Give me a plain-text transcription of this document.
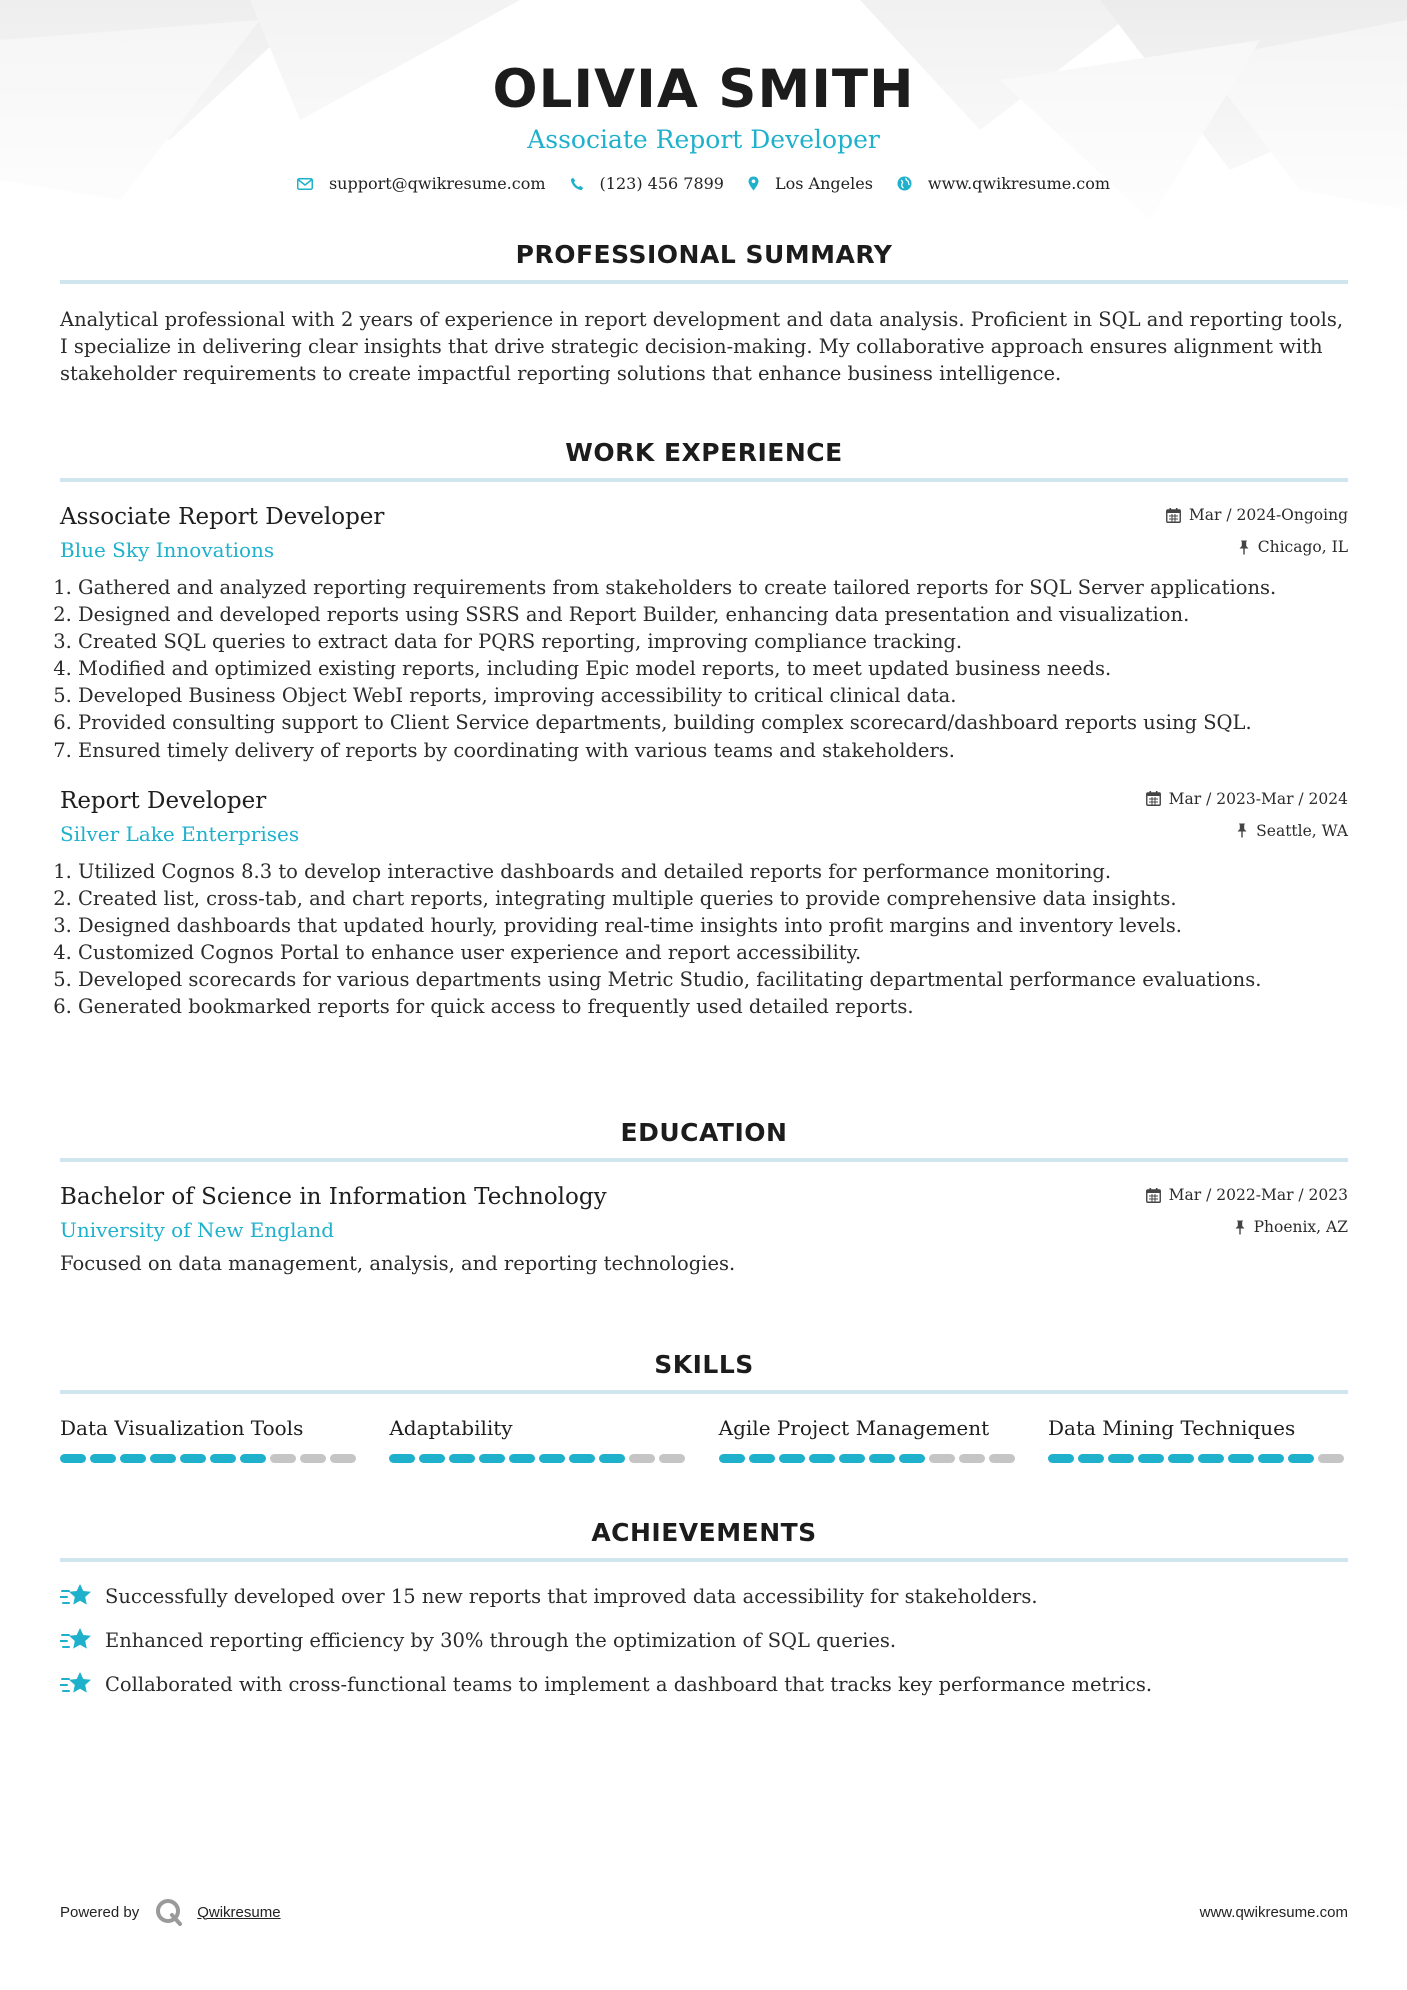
OLIVIA SMITH
Associate Report Developer
support@qwikresume.com	(123) 456 7899	Los Angeles	www.qwikresume.com
PROFESSIONAL SUMMARY
Analytical professional with 2 years of experience in report development and data analysis. Proficient in SQL and reporting tools, I specialize in delivering clear insights that drive strategic decision-making. My collaborative approach ensures alignment with stakeholder requirements to create impactful reporting solutions that enhance business intelligence.
WORK EXPERIENCE
Associate Report Developer
Blue Sky Innovations
Mar / 2024-Ongoing
Chicago, IL
1. Gathered and analyzed reporting requirements from stakeholders to create tailored reports for SQL Server applications.
2. Designed and developed reports using SSRS and Report Builder, enhancing data presentation and visualization.
3. Created SQL queries to extract data for PQRS reporting, improving compliance tracking.
4. Modified and optimized existing reports, including Epic model reports, to meet updated business needs.
5. Developed Business Object WebI reports, improving accessibility to critical clinical data.
6. Provided consulting support to Client Service departments, building complex scorecard/dashboard reports using SQL.
7. Ensured timely delivery of reports by coordinating with various teams and stakeholders.
Report Developer
Silver Lake Enterprises
Mar / 2023-Mar / 2024
Seattle, WA
1. Utilized Cognos 8.3 to develop interactive dashboards and detailed reports for performance monitoring.
2. Created list, cross-tab, and chart reports, integrating multiple queries to provide comprehensive data insights.
3. Designed dashboards that updated hourly, providing real-time insights into profit margins and inventory levels.
4. Customized Cognos Portal to enhance user experience and report accessibility.
5. Developed scorecards for various departments using Metric Studio, facilitating departmental performance evaluations.
6. Generated bookmarked reports for quick access to frequently used detailed reports.
EDUCATION
Bachelor of Science in Information Technology
University of New England
Mar / 2022-Mar / 2023
Phoenix, AZ
Focused on data management, analysis, and reporting technologies.
SKILLS
Data Visualization Tools	Adaptability	Agile Project Management	Data Mining Techniques
ACHIEVEMENTS
Successfully developed over 15 new reports that improved data accessibility for stakeholders.
Enhanced reporting efficiency by 30% through the optimization of SQL queries.
Collaborated with cross-functional teams to implement a dashboard that tracks key performance metrics.
Powered by	Qwikresume	www.qwikresume.com
